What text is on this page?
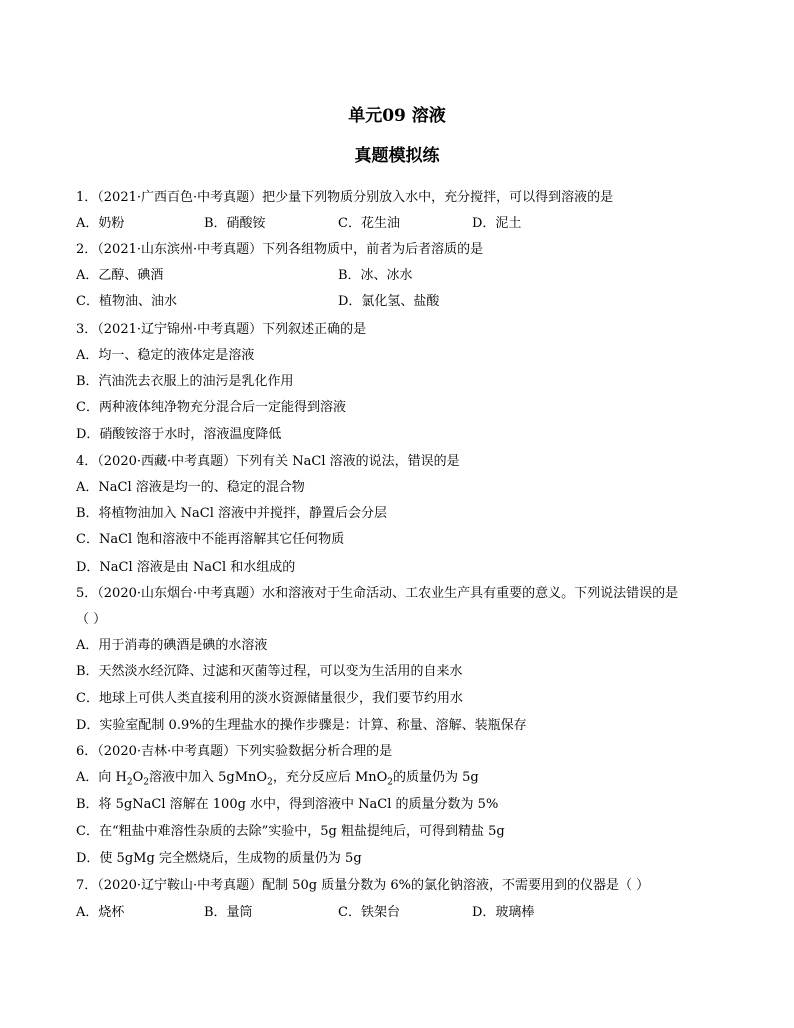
单元09 溶液
真题模拟练
1．（2021·广西百色·中考真题）把少量下列物质分别放入水中，充分搅拌，可以得到溶液的是
A．奶粉	B．硝酸铵	C．花生油	D．泥土
2．（2021·山东滨州·中考真题）下列各组物质中，前者为后者溶质的是
A．乙醇、碘酒	B．冰、冰水
C．植物油、油水	D．氯化氢、盐酸
3．（2021·辽宁锦州·中考真题）下列叙述正确的是
A．均一、稳定的液体定是溶液
B．汽油洗去衣服上的油污是乳化作用
C．两种液体纯净物充分混合后一定能得到溶液
D．硝酸铵溶于水时，溶液温度降低
4．（2020·西藏·中考真题）下列有关 NaCl 溶液的说法，错误的是
A．NaCl 溶液是均一的、稳定的混合物
B．将植物油加入 NaCl 溶液中并搅拌，静置后会分层
C．NaCl 饱和溶液中不能再溶解其它任何物质
D．NaCl 溶液是由 NaCl 和水组成的
5．（2020·山东烟台·中考真题）水和溶液对于生命活动、工农业生产具有重要的意义。下列说法错误的是
（ ）
A．用于消毒的碘酒是碘的水溶液
B．天然淡水经沉降、过滤和灭菌等过程，可以变为生活用的自来水
C．地球上可供人类直接利用的淡水资源储量很少，我们要节约用水
D．实验室配制 0.9%的生理盐水的操作步骤是：计算、称量、溶解、装瓶保存
6．（2020·吉林·中考真题）下列实验数据分析合理的是
A．向 $H_2O_2$溶液中加入 5gMnO$_2$，充分反应后 MnO$_2$的质量仍为 5g
B．将 5gNaCl 溶解在 100g 水中，得到溶液中 NaCl 的质量分数为 5%
C．在“粗盐中难溶性杂质的去除”实验中，5g 粗盐提纯后，可得到精盐 5g
D．使 5gMg 完全燃烧后，生成物的质量仍为 5g
7．（2020·辽宁鞍山·中考真题）配制 50g 质量分数为 6%的氯化钠溶液，不需要用到的仪器是（ ）
A．烧杯	B．量筒	C．铁架台	D．玻璃棒
